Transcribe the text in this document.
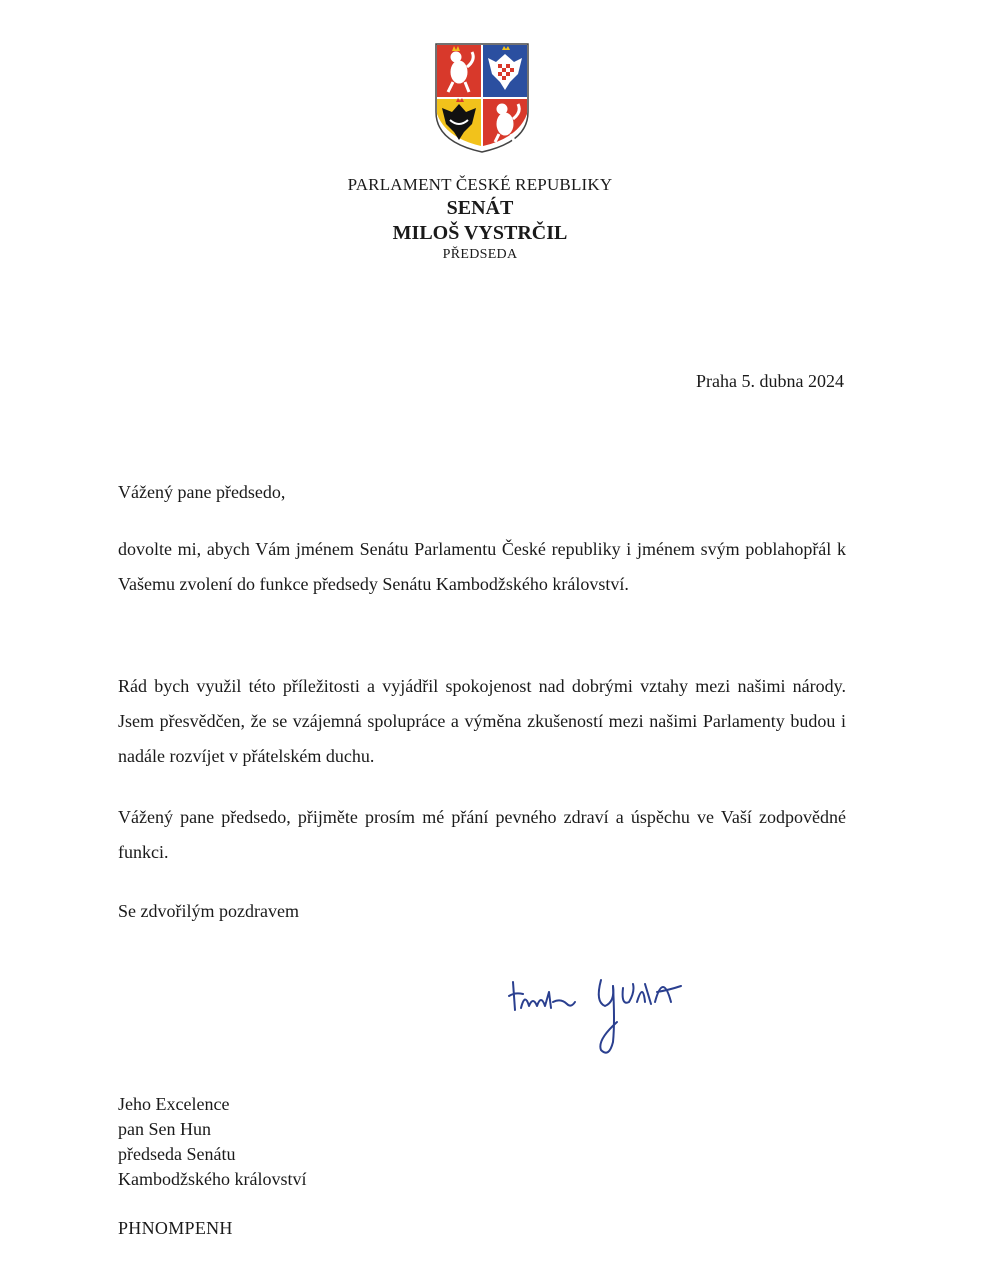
PARLAMENT ČESKÉ REPUBLIKY
SENÁT
MILOŠ VYSTRČIL
PŘEDSEDA
Praha 5. dubna 2024
Vážený pane předsedo,
dovolte mi, abych Vám jménem Senátu Parlamentu České republiky i jménem svým poblahopřál k Vašemu zvolení do funkce předsedy Senátu Kambodžského království.
Rád bych využil této příležitosti a vyjádřil spokojenost nad dobrými vztahy mezi našimi národy. Jsem přesvědčen, že se vzájemná spolupráce a výměna zkušeností mezi našimi Parlamenty budou i nadále rozvíjet v přátelském duchu.
Vážený pane předsedo, přijměte prosím mé přání pevného zdraví a úspěchu ve Vaší zodpovědné funkci.
Se zdvořilým pozdravem
Jeho Excelence
pan Sen Hun
předseda Senátu
Kambodžského království
PHNOMPENH
